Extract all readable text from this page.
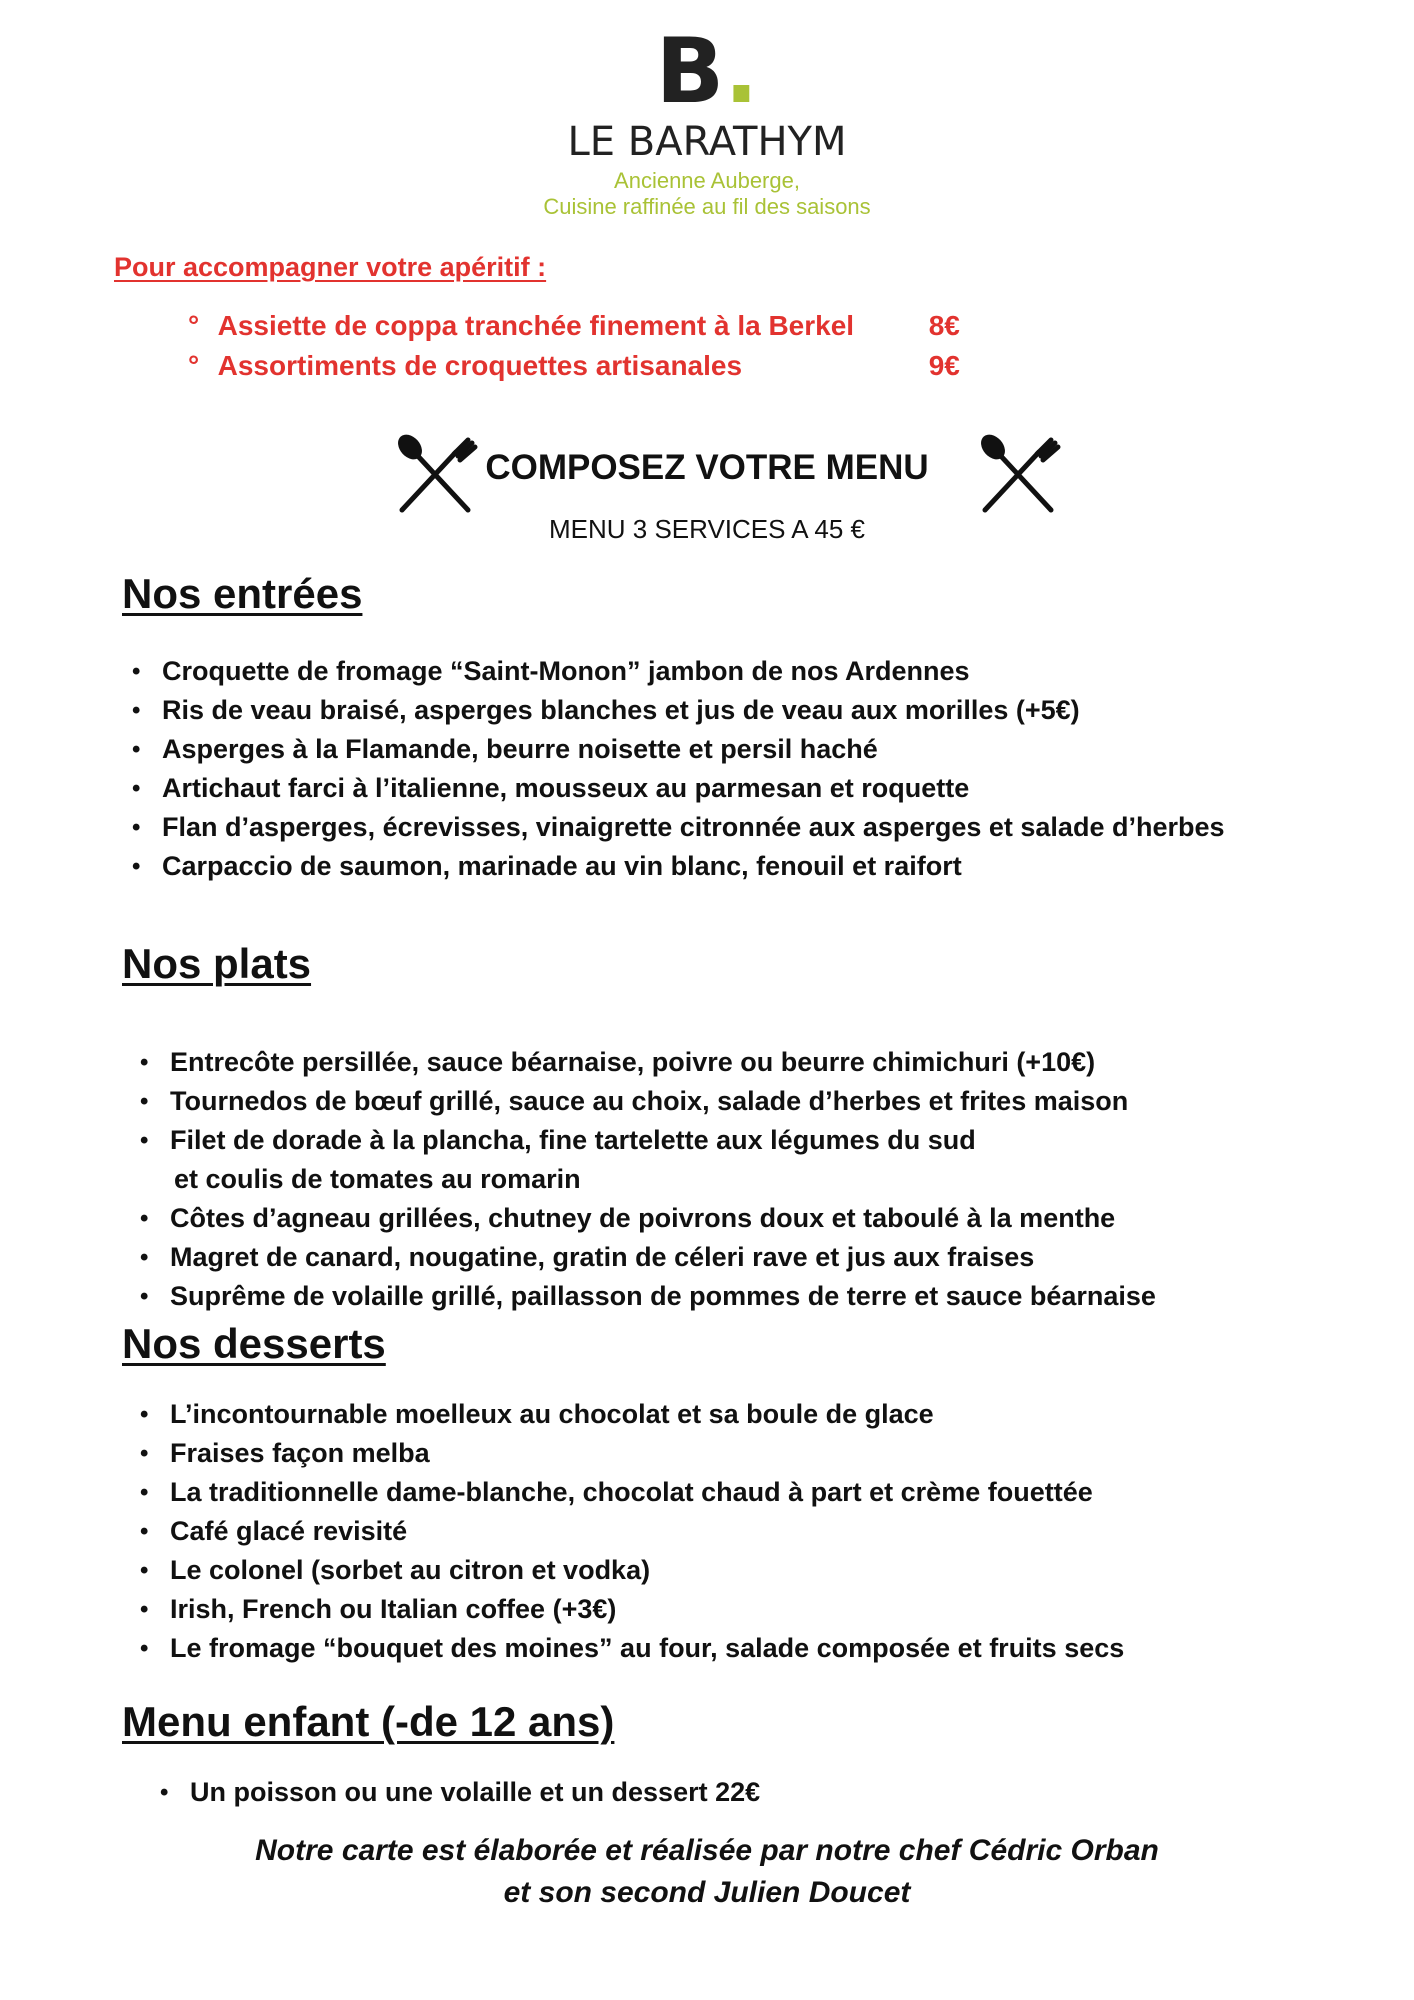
B.
LE BARATHYM
Ancienne Auberge,
Cuisine raffinée au fil des saisons
Pour accompagner votre apéritif :
° Assiette de coppa tranchée finement à la Berkel	8€
° Assortiments de croquettes artisanales	9€
COMPOSEZ VOTRE MENU
MENU 3 SERVICES A 45 €
Nos entrées
• Croquette de fromage “Saint-Monon” jambon de nos Ardennes
• Ris de veau braisé, asperges blanches et jus de veau aux morilles (+5€)
• Asperges à la Flamande, beurre noisette et persil haché
• Artichaut farci à l’italienne, mousseux au parmesan et roquette
• Flan d’asperges, écrevisses, vinaigrette citronnée aux asperges et salade d’herbes
• Carpaccio de saumon, marinade au vin blanc, fenouil et raifort
Nos plats
• Entrecôte persillée, sauce béarnaise, poivre ou beurre chimichuri (+10€)
• Tournedos de bœuf grillé, sauce au choix, salade d’herbes et frites maison
• Filet de dorade à la plancha, fine tartelette aux légumes du sud
et coulis de tomates au romarin
• Côtes d’agneau grillées, chutney de poivrons doux et taboulé à la menthe
• Magret de canard, nougatine, gratin de céleri rave et jus aux fraises
• Suprême de volaille grillé, paillasson de pommes de terre et sauce béarnaise
Nos desserts
• L’incontournable moelleux au chocolat et sa boule de glace
• Fraises façon melba
• La traditionnelle dame-blanche, chocolat chaud à part et crème fouettée
• Café glacé revisité
• Le colonel (sorbet au citron et vodka)
• Irish, French ou Italian coffee (+3€)
• Le fromage “bouquet des moines” au four, salade composée et fruits secs
Menu enfant (-de 12 ans)
• Un poisson ou une volaille et un dessert 22€
Notre carte est élaborée et réalisée par notre chef Cédric Orban
et son second Julien Doucet
